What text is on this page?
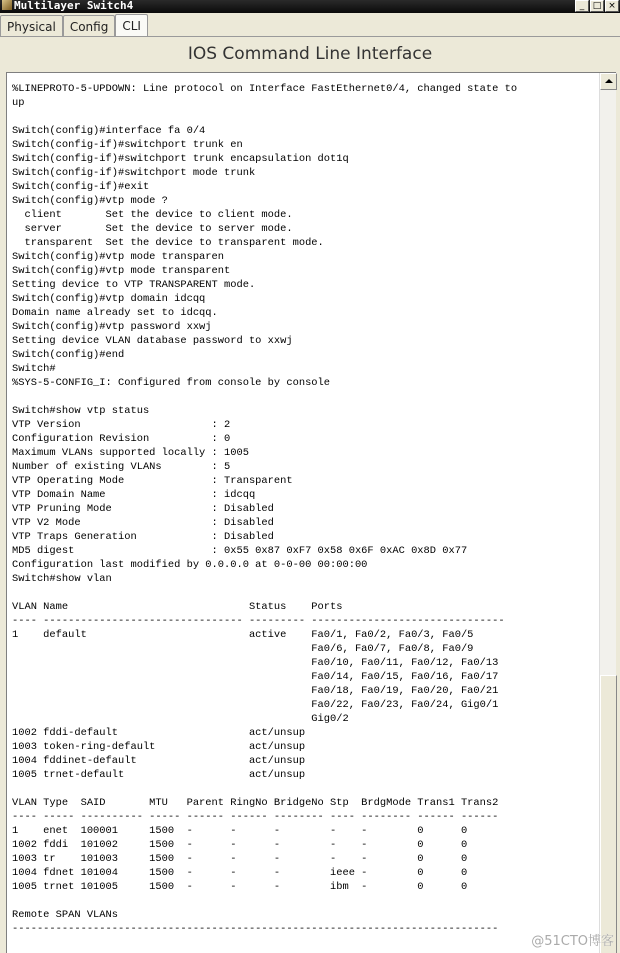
Multilayer Switch4	_ □ ×
Physical	Config	CLI
IOS Command Line Interface
%LINEPROTO-5-UPDOWN: Line protocol on Interface FastEthernet0/4, changed state to
up
Switch(config)#interface fa 0/4
Switch(config-if)#switchport trunk en
Switch(config-if)#switchport trunk encapsulation dot1q
Switch(config-if)#switchport mode trunk
Switch(config-if)#exit
Switch(config)#vtp mode ?
client       Set the device to client mode.
server       Set the device to server mode.
transparent  Set the device to transparent mode.
Switch(config)#vtp mode transparen
Switch(config)#vtp mode transparent
Setting device to VTP TRANSPARENT mode.
Switch(config)#vtp domain idcqq
Domain name already set to idcqq.
Switch(config)#vtp password xxwj
Setting device VLAN database password to xxwj
Switch(config)#end
Switch#
%SYS-5-CONFIG_I: Configured from console by console
Switch#show vtp status
VTP Version                     : 2
Configuration Revision          : 0
Maximum VLANs supported locally : 1005
Number of existing VLANs        : 5
VTP Operating Mode              : Transparent
VTP Domain Name                 : idcqq
VTP Pruning Mode                : Disabled
VTP V2 Mode                     : Disabled
VTP Traps Generation            : Disabled
MD5 digest                      : 0x55 0x87 0xF7 0x58 0x6F 0xAC 0x8D 0x77
Configuration last modified by 0.0.0.0 at 0-0-00 00:00:00
Switch#show vlan
VLAN Name                             Status    Ports
---- -------------------------------- --------- -------------------------------
1    default                          active    Fa0/1, Fa0/2, Fa0/3, Fa0/5
Fa0/6, Fa0/7, Fa0/8, Fa0/9
Fa0/10, Fa0/11, Fa0/12, Fa0/13
Fa0/14, Fa0/15, Fa0/16, Fa0/17
Fa0/18, Fa0/19, Fa0/20, Fa0/21
Fa0/22, Fa0/23, Fa0/24, Gig0/1
Gig0/2
1002 fddi-default                     act/unsup
1003 token-ring-default               act/unsup
1004 fddinet-default                  act/unsup
1005 trnet-default                    act/unsup
VLAN Type  SAID       MTU   Parent RingNo BridgeNo Stp  BrdgMode Trans1 Trans2
---- ----- ---------- ----- ------ ------ -------- ---- -------- ------ ------
1    enet  100001     1500  -      -      -        -    -        0      0
1002 fddi  101002     1500  -      -      -        -    -        0      0
1003 tr    101003     1500  -      -      -        -    -        0      0
1004 fdnet 101004     1500  -      -      -        ieee -        0      0
1005 trnet 101005     1500  -      -      -        ibm  -        0      0
Remote SPAN VLANs
------------------------------------------------------------------------------
@51CTO博客
